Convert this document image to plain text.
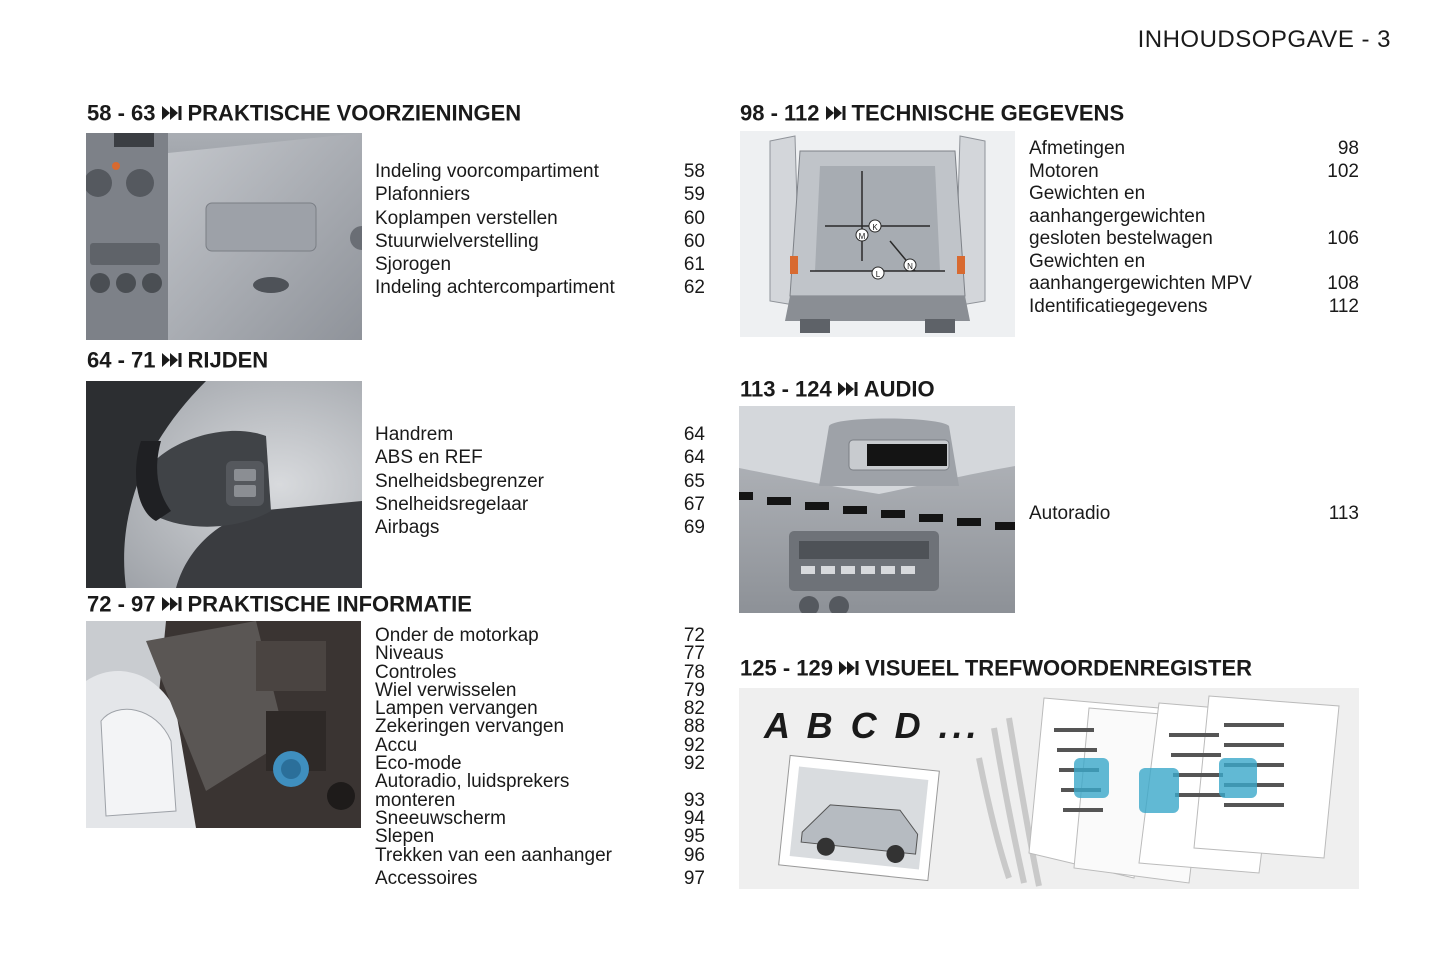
INHOUDSOPGAVE - 3
58 - 63 PRAKTISCHE VOORZIENINGEN
Indeling voorcompartiment	58
Plafonniers	59
Koplampen verstellen	60
Stuurwielverstelling	60
Sjorogen	61
Indeling achtercompartiment	62
64 - 71 RIJDEN
Handrem	64
ABS en REF	64
Snelheidsbegrenzer	65
Snelheidsregelaar	67
Airbags	69
72 - 97 PRAKTISCHE INFORMATIE
Onder de motorkap	72
Niveaus	77
Controles	78
Wiel verwisselen	79
Lampen vervangen	82
Zekeringen vervangen	88
Accu	92
Eco-mode	92
Autoradio, luidsprekers
monteren	93
Sneeuwscherm	94
Slepen	95
Trekken van een aanhanger	96
Accessoires	97
98 - 112 TECHNISCHE GEGEVENS
M
K
L
N
Afmetingen	98
Motoren	102
Gewichten en
aanhangergewichten
gesloten bestelwagen	106
Gewichten en
aanhangergewichten MPV	108
Identificatiegegevens	112
113 - 124 AUDIO
Autoradio	113
125 - 129 VISUEEL TREFWOORDENREGISTER
A B C D ...
